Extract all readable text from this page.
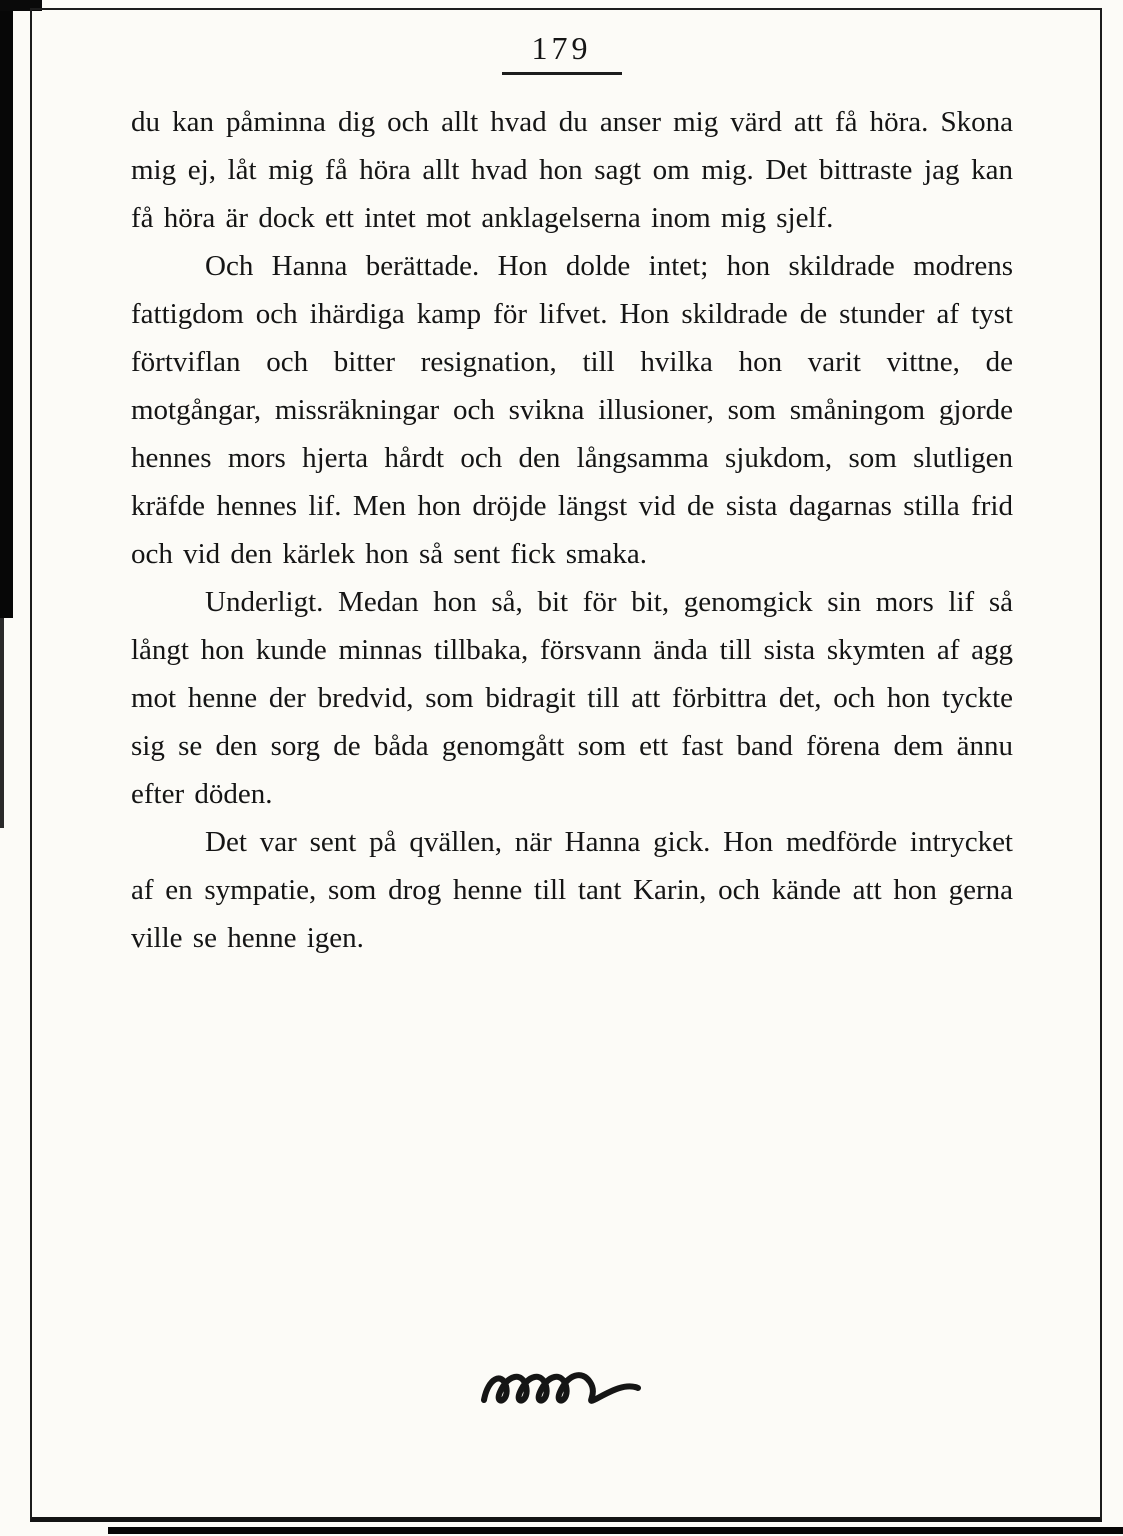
179

du kan påminna dig och allt hvad du anser mig värd att få höra. Skona mig ej, låt mig få höra allt hvad hon sagt om mig. Det bittraste jag kan få höra är dock ett intet mot anklagelserna inom mig sjelf.

Och Hanna berättade. Hon dolde intet; hon skildrade modrens fattigdom och ihärdiga kamp för lifvet. Hon skildrade de stunder af tyst förtviflan och bitter resignation, till hvilka hon varit vittne, de motgångar, missräkningar och svikna illusioner, som småningom gjorde hennes mors hjerta hårdt och den långsamma sjukdom, som slutligen kräfde hennes lif. Men hon dröjde längst vid de sista dagarnas stilla frid och vid den kärlek hon så sent fick smaka.

Underligt. Medan hon så, bit för bit, genomgick sin mors lif så långt hon kunde minnas tillbaka, försvann ända till sista skymten af agg mot henne der bredvid, som bidragit till att förbittra det, och hon tyckte sig se den sorg de båda genomgått som ett fast band förena dem ännu efter döden.

Det var sent på qvällen, när Hanna gick. Hon medförde intrycket af en sympatie, som drog henne till tant Karin, och kände att hon gerna ville se henne igen.
